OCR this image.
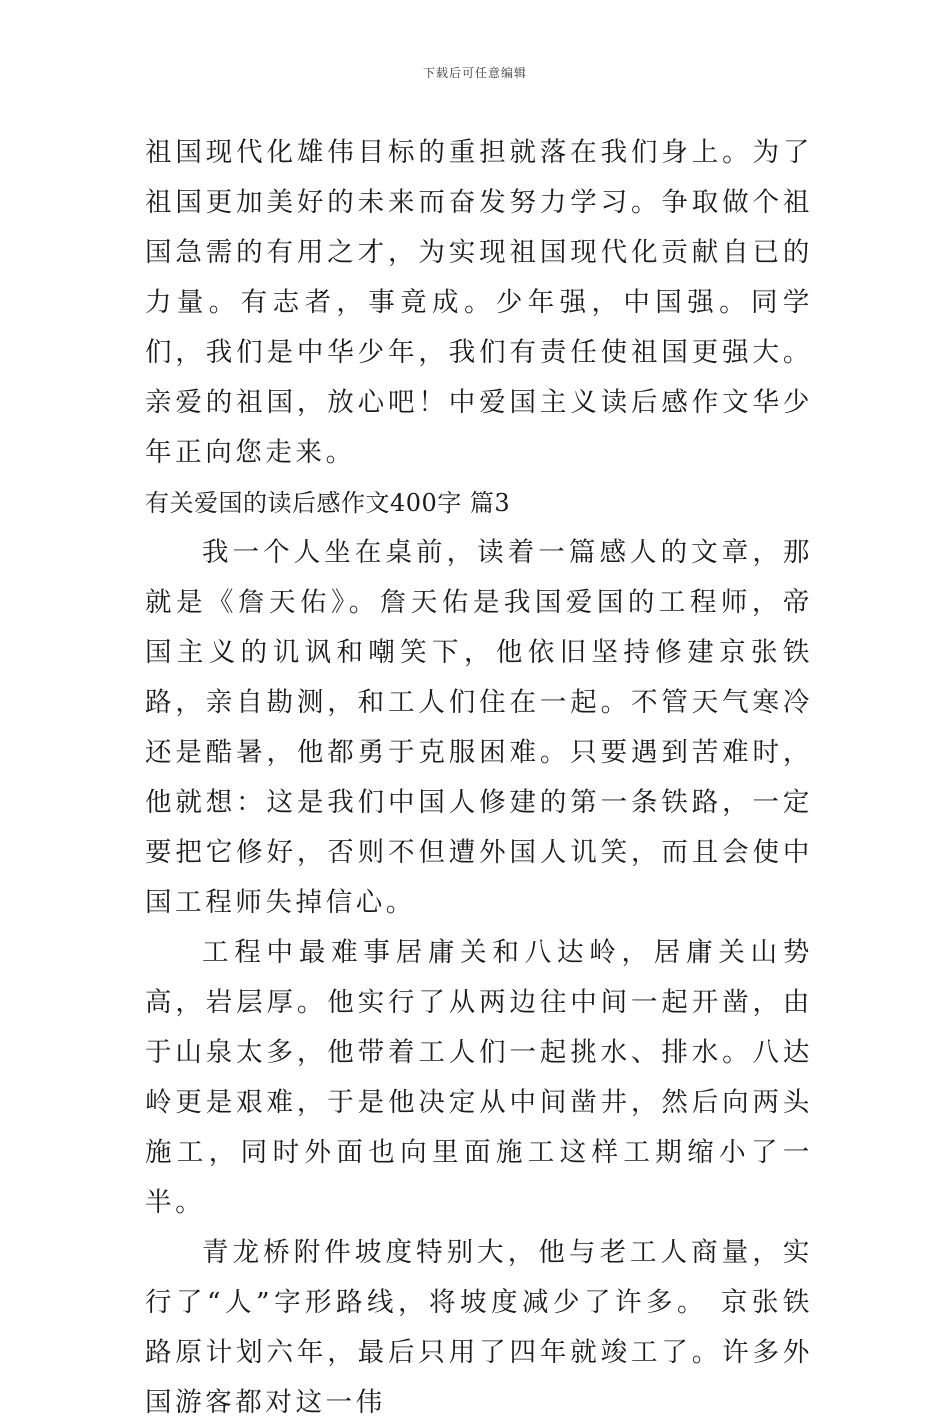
下载后可任意编辑

祖国现代化雄伟目标的重担就落在我们身上。为了祖国更加美好的未来而奋发努力学习。争取做个祖国急需的有用之才，为实现祖国现代化贡献自已的力量。有志者，事竟成。少年强，中国强。同学们，我们是中华少年，我们有责任使祖国更强大。亲爱的祖国，放心吧！中爱国主义读后感作文华少年正向您走来。

有关爱国的读后感作文400字 篇3

我一个人坐在桌前，读着一篇感人的文章，那就是《詹天佑》。詹天佑是我国爱国的工程师，帝国主义的讥讽和嘲笑下，他依旧坚持修建京张铁路，亲自勘测，和工人们住在一起。不管天气寒冷还是酷暑，他都勇于克服困难。只要遇到苦难时，他就想：这是我们中国人修建的第一条铁路，一定要把它修好，否则不但遭外国人讥笑，而且会使中国工程师失掉信心。

工程中最难事居庸关和八达岭，居庸关山势高，岩层厚。他实行了从两边往中间一起开凿，由于山泉太多，他带着工人们一起挑水、排水。八达岭更是艰难，于是他决定从中间凿井，然后向两头施工，同时外面也向里面施工这样工期缩小了一半。

青龙桥附件坡度特别大，他与老工人商量，实行了“人”字形路线，将坡度减少了许多。 京张铁路原计划六年，最后只用了四年就竣工了。许多外国游客都对这一伟
